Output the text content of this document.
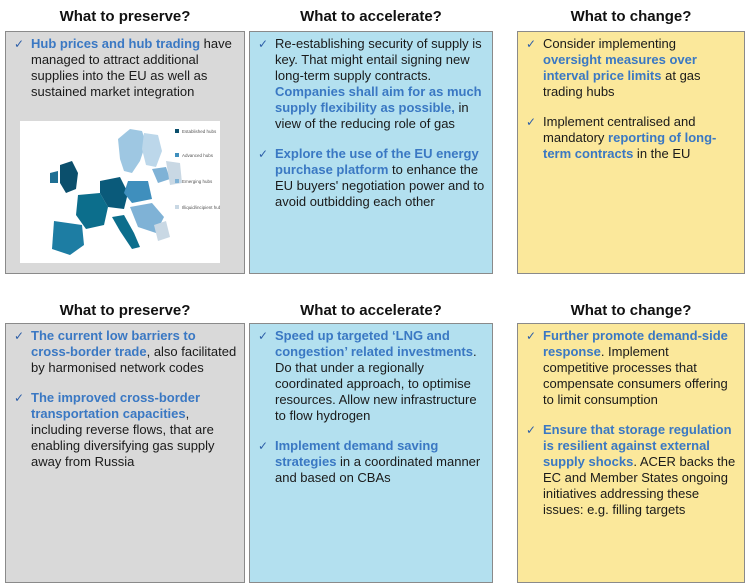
What to preserve?	What to accelerate?	What to change?
✓ Hub prices and hub trading have managed to attract additional supplies into the EU as well as sustained market integration
Established hubs
Advanced hubs
Emerging hubs
Illiquid/incipient hubs
✓ Re-establishing security of supply is key. That might entail signing new long-term supply contracts. Companies shall aim for as much supply flexibility as possible, in view of the reducing role of gas
✓ Explore the use of the EU energy purchase platform to enhance the EU buyers' negotiation power and to avoid outbidding each other
✓ Consider implementing oversight measures over interval price limits at gas trading hubs
✓ Implement centralised and mandatory reporting of long-term contracts in the EU
What to preserve?	What to accelerate?	What to change?
✓ The current low barriers to cross-border trade, also facilitated by harmonised network codes
✓ The improved cross-border transportation capacities, including reverse flows, that are enabling diversifying gas supply away from Russia
✓ Speed up targeted ‘LNG and congestion’ related investments. Do that under a regionally coordinated approach, to optimise resources. Allow new infrastructure to flow hydrogen
✓ Implement demand saving strategies in a coordinated manner and based on CBAs
✓ Further promote demand-side response. Implement competitive processes that compensate consumers offering to limit consumption
✓ Ensure that storage regulation is resilient against external supply shocks. ACER backs the EC and Member States ongoing initiatives addressing these issues: e.g. filling targets
